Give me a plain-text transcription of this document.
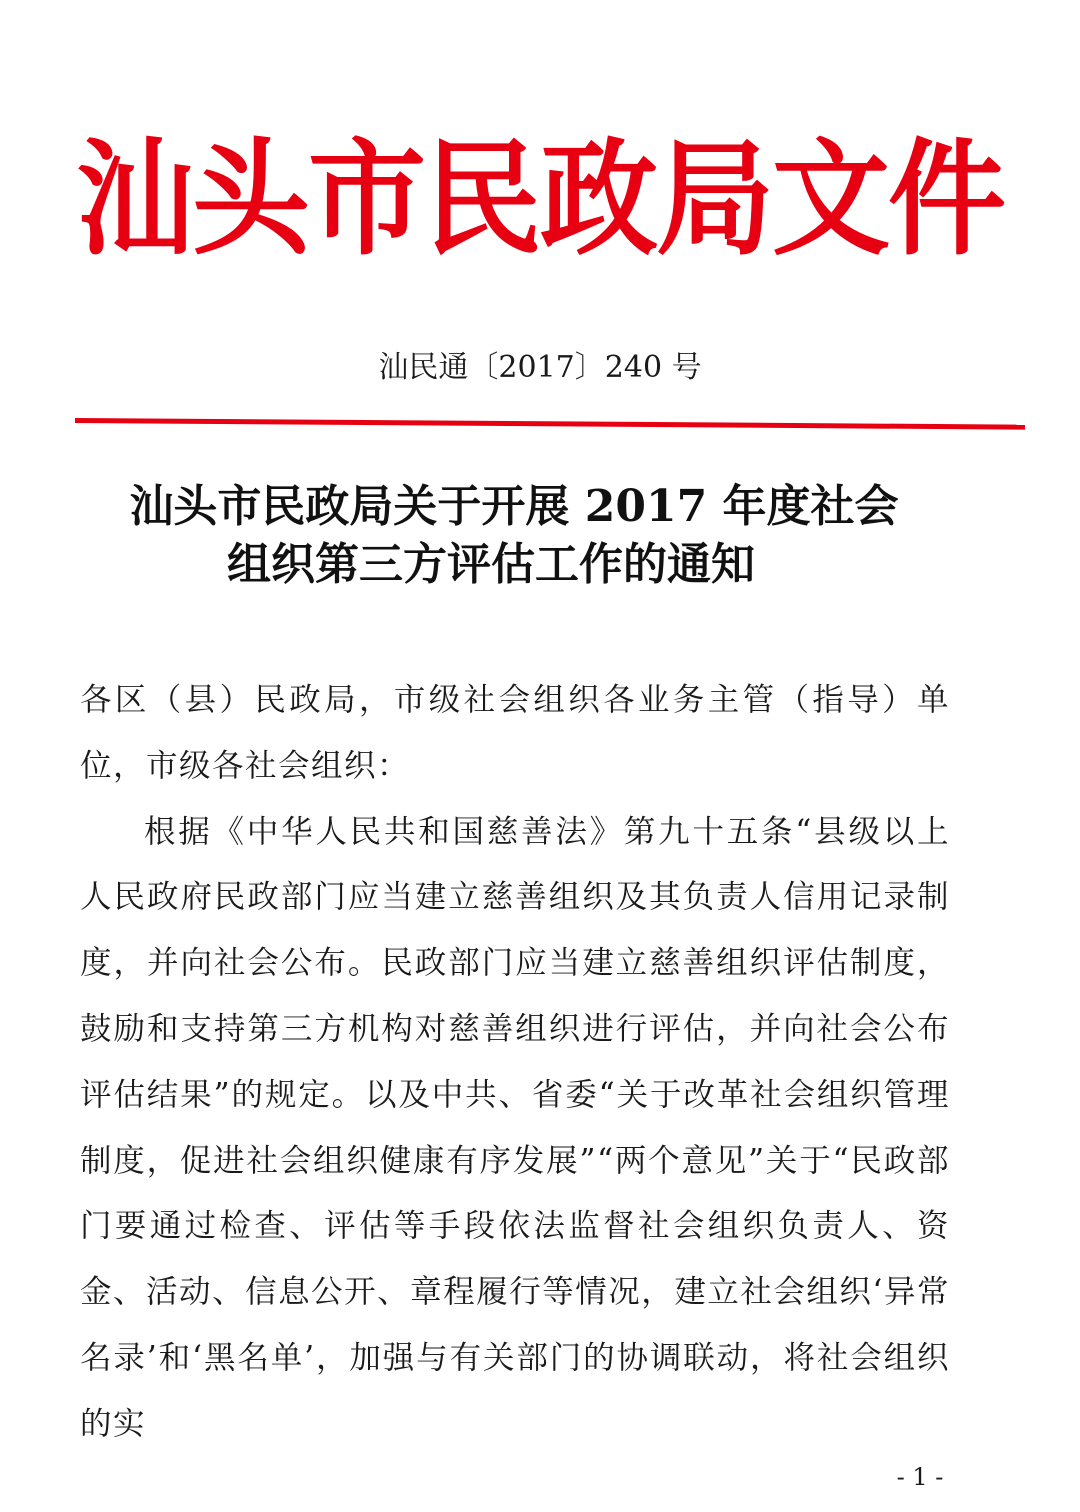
汕头市民政局文件
汕民通〔2017〕240 号
汕头市民政局关于开展 2017 年度社会
组织第三方评估工作的通知

各区（县）民政局，市级社会组织各业务主管（指导）单位，市级各社会组织：

根据《中华人民共和国慈善法》第九十五条“县级以上人民政府民政部门应当建立慈善组织及其负责人信用记录制度，并向社会公布。民政部门应当建立慈善组织评估制度，鼓励和支持第三方机构对慈善组织进行评估，并向社会公布评估结果”的规定。以及中共、省委“关于改革社会组织管理制度，促进社会组织健康有序发展”“两个意见”关于“民政部门要通过检查、评估等手段依法监督社会组织负责人、资金、活动、信息公开、章程履行等情况，建立社会组织‘异常名录’和‘黑名单’，加强与有关部门的协调联动，将社会组织的实

- 1 -
